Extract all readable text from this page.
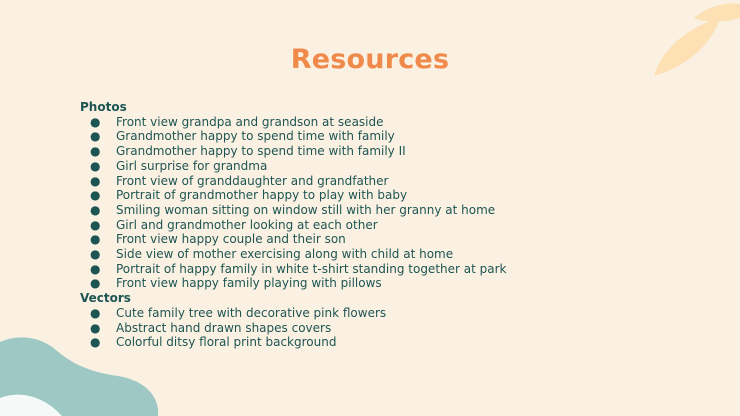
Resources
Photos
● Front view grandpa and grandson at seaside
● Grandmother happy to spend time with family
● Grandmother happy to spend time with family II
● Girl surprise for grandma
● Front view of granddaughter and grandfather
● Portrait of grandmother happy to play with baby
● Smiling woman sitting on window still with her granny at home
● Girl and grandmother looking at each other
● Front view happy couple and their son
● Side view of mother exercising along with child at home
● Portrait of happy family in white t-shirt standing together at park
● Front view happy family playing with pillows
Vectors
● Cute family tree with decorative pink flowers
● Abstract hand drawn shapes covers
● Colorful ditsy floral print background
